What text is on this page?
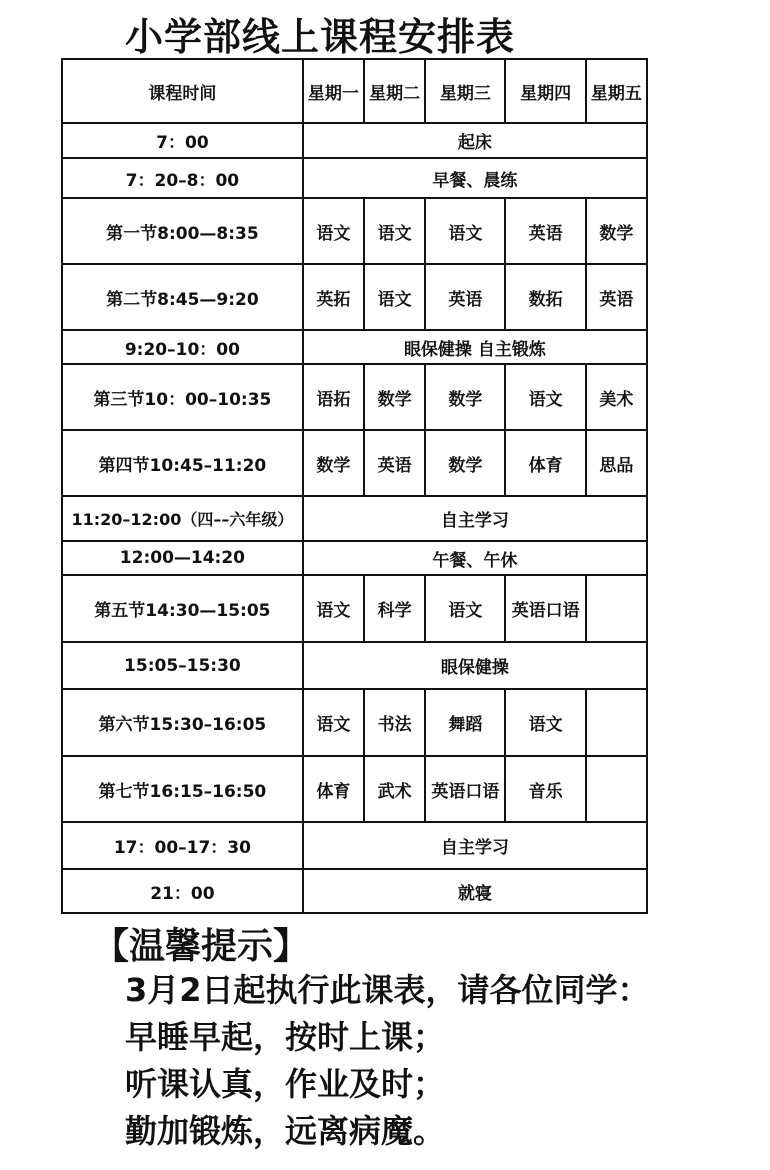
小学部线上课程安排表
课程时间	星期一	星期二	星期三	星期四	星期五
7：00	起床				
7：20–8：00	早餐、晨练				
第一节8:00—8:35	语文	语文	语文	英语	数学
第二节8:45—9:20	英拓	语文	英语	数拓	英语
9:20–10：00	眼保健操 自主锻炼				
第三节10：00–10:35	语拓	数学	数学	语文	美术
第四节10:45–11:20	数学	英语	数学	体育	思品
11:20–12:00（四––六年级）	自主学习				
12:00—14:20	午餐、午休				
第五节14:30—15:05	语文	科学	语文	英语口语	
15:05–15:30	眼保健操				
第六节15:30–16:05	语文	书法	舞蹈	语文	
第七节16:15–16:50	体育	武术	英语口语	音乐	
17：00–17：30	自主学习				
21：00	就寝				
【温馨提示】
3月2日起执行此课表，请各位同学：
早睡早起，按时上课；
听课认真，作业及时；
勤加锻炼，远离病魔。
